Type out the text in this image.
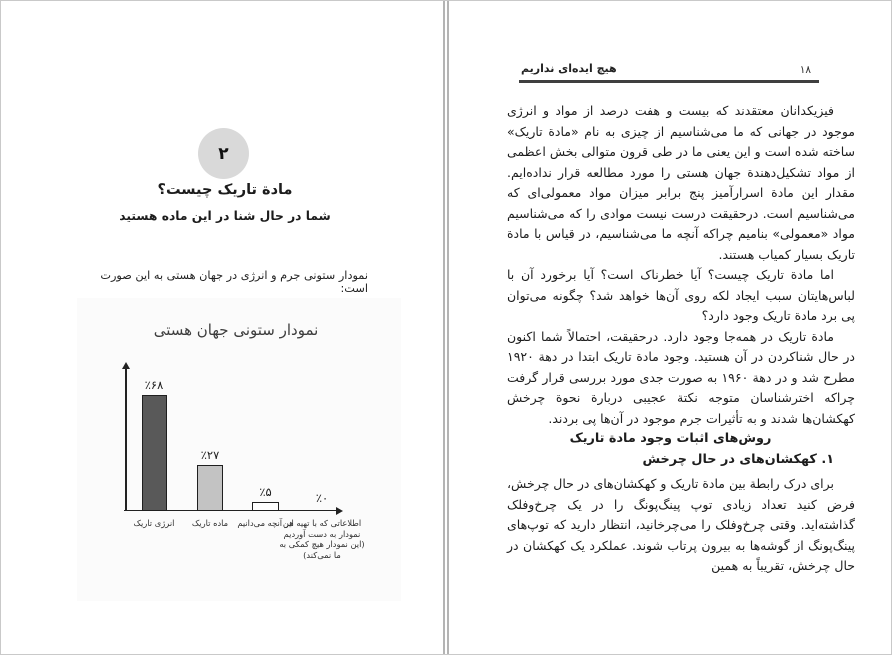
۲
مادة تاریک چیست؟
شما در حال شنا در این ماده هستید
نمودار ستونی جرم و انرژی در جهان هستی به این صورت است:
نمودار ستونی جهان هستی
٪۶۸
انرژی تاریک
٪۲۷
ماده تاریک
٪۵
هر آنچه می‌دانیم
٪۰
اطلاعاتی که با تهیه این نمودار به دست آوردیم (این نمودار هیچ کمکی به ما نمی‌کند)
هیچ ایده‌ای نداریم	۱۸

فیزیکدانان معتقدند که بیست و هفت درصد از مواد و انرژی موجود در جهانی که ما می‌شناسیم از چیزی به نام «مادة تاریک» ساخته شده است و این یعنی ما در طی قرون متوالی بخش اعظمی از مواد تشکیل‌دهندة جهان هستی را مورد مطالعه قرار نداده‌ایم. مقدار این مادة اسرارآمیز پنج برابر میزان مواد معمولی‌ای که می‌شناسیم است. درحقیقت درست نیست موادی را که می‌شناسیم مواد «معمولی» بنامیم چراکه آنچه ما می‌شناسیم، در قیاس با مادة تاریک بسیار کمیاب هستند.

اما مادة تاریک چیست؟ آیا خطرناک است؟ آیا برخورد آن با لباس‌هایتان سبب ایجاد لکه روی آن‌ها خواهد شد؟ چگونه می‌توان پی برد مادة تاریک وجود دارد؟

مادة تاریک در همه‌جا وجود دارد. درحقیقت، احتمالاً شما اکنون در حال شناکردن در آن هستید. وجود مادة تاریک ابتدا در دهة ۱۹۲۰ مطرح شد و در دهة ۱۹۶۰ به صورت جدی مورد بررسی قرار گرفت چراکه اخترشناسان متوجه نکتة عجیبی دربارة نحوة چرخش کهکشان‌ها شدند و به تأثیرات جرم موجود در آن‌ها پی بردند.

روش‌های اثبات وجود مادة تاریک

۱. کهکشان‌های در حال چرخش

برای درک رابطة بین مادة تاریک و کهکشان‌های در حال چرخش، فرض کنید تعداد زیادی توپ پینگ‌پونگ را در یک چرخ‌وفلک گذاشته‌اید. وقتی چرخ‌وفلک را می‌چرخانید، انتظار دارید که توپ‌های پینگ‌پونگ از گوشه‌ها به بیرون پرتاب شوند. عملکرد یک کهکشان در حال چرخش، تقریباً به همین
